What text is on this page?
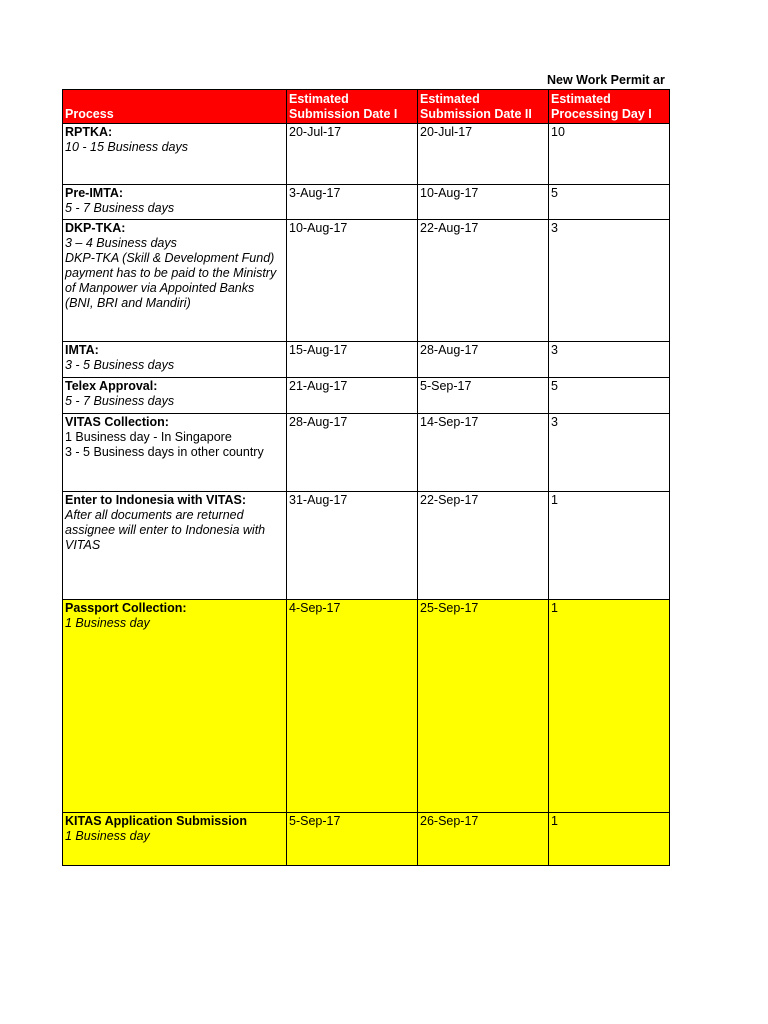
New Work Permit ar
Process	Estimated Submission Date I	Estimated Submission Date II	Estimated Processing Day I

RPTKA:
10 - 15 Business days	20-Jul-17	20-Jul-17	10

Pre-IMTA:
5 - 7 Business days	3-Aug-17	10-Aug-17	5

DKP-TKA:
3 – 4 Business days
DKP-TKA (Skill & Development Fund) payment has to be paid to the Ministry of Manpower via Appointed Banks (BNI, BRI and Mandiri)	10-Aug-17	22-Aug-17	3

IMTA:
3 - 5 Business days	15-Aug-17	28-Aug-17	3

Telex Approval:
5 - 7 Business days	21-Aug-17	5-Sep-17	5

VITAS Collection:
1 Business day - In Singapore
3 - 5 Business days in other country	28-Aug-17	14-Sep-17	3

Enter to Indonesia with VITAS:
After all documents are returned assignee will enter to Indonesia with VITAS	31-Aug-17	22-Sep-17	1

Passport Collection:
1 Business day	4-Sep-17	25-Sep-17	1

KITAS Application Submission
1 Business day	5-Sep-17	26-Sep-17	1
